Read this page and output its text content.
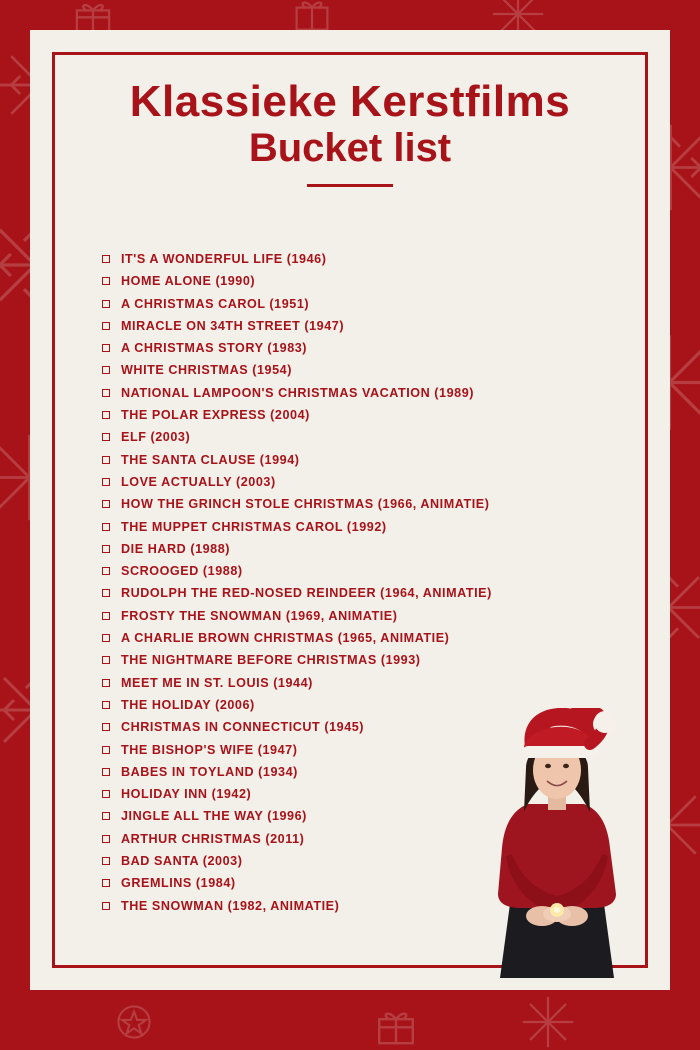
Klassieke Kerstfilms
Bucket list
IT'S A WONDERFUL LIFE (1946)
HOME ALONE (1990)
A CHRISTMAS CAROL (1951)
MIRACLE ON 34TH STREET (1947)
A CHRISTMAS STORY (1983)
WHITE CHRISTMAS (1954)
NATIONAL LAMPOON'S CHRISTMAS VACATION (1989)
THE POLAR EXPRESS (2004)
ELF (2003)
THE SANTA CLAUSE (1994)
LOVE ACTUALLY (2003)
HOW THE GRINCH STOLE CHRISTMAS (1966, ANIMATIE)
THE MUPPET CHRISTMAS CAROL (1992)
DIE HARD (1988)
SCROOGED (1988)
RUDOLPH THE RED-NOSED REINDEER (1964, ANIMATIE)
FROSTY THE SNOWMAN (1969, ANIMATIE)
A CHARLIE BROWN CHRISTMAS (1965, ANIMATIE)
THE NIGHTMARE BEFORE CHRISTMAS (1993)
MEET ME IN ST. LOUIS (1944)
THE HOLIDAY (2006)
CHRISTMAS IN CONNECTICUT (1945)
THE BISHOP'S WIFE (1947)
BABES IN TOYLAND (1934)
HOLIDAY INN (1942)
JINGLE ALL THE WAY (1996)
ARTHUR CHRISTMAS (2011)
BAD SANTA (2003)
GREMLINS (1984)
THE SNOWMAN (1982, ANIMATIE)
